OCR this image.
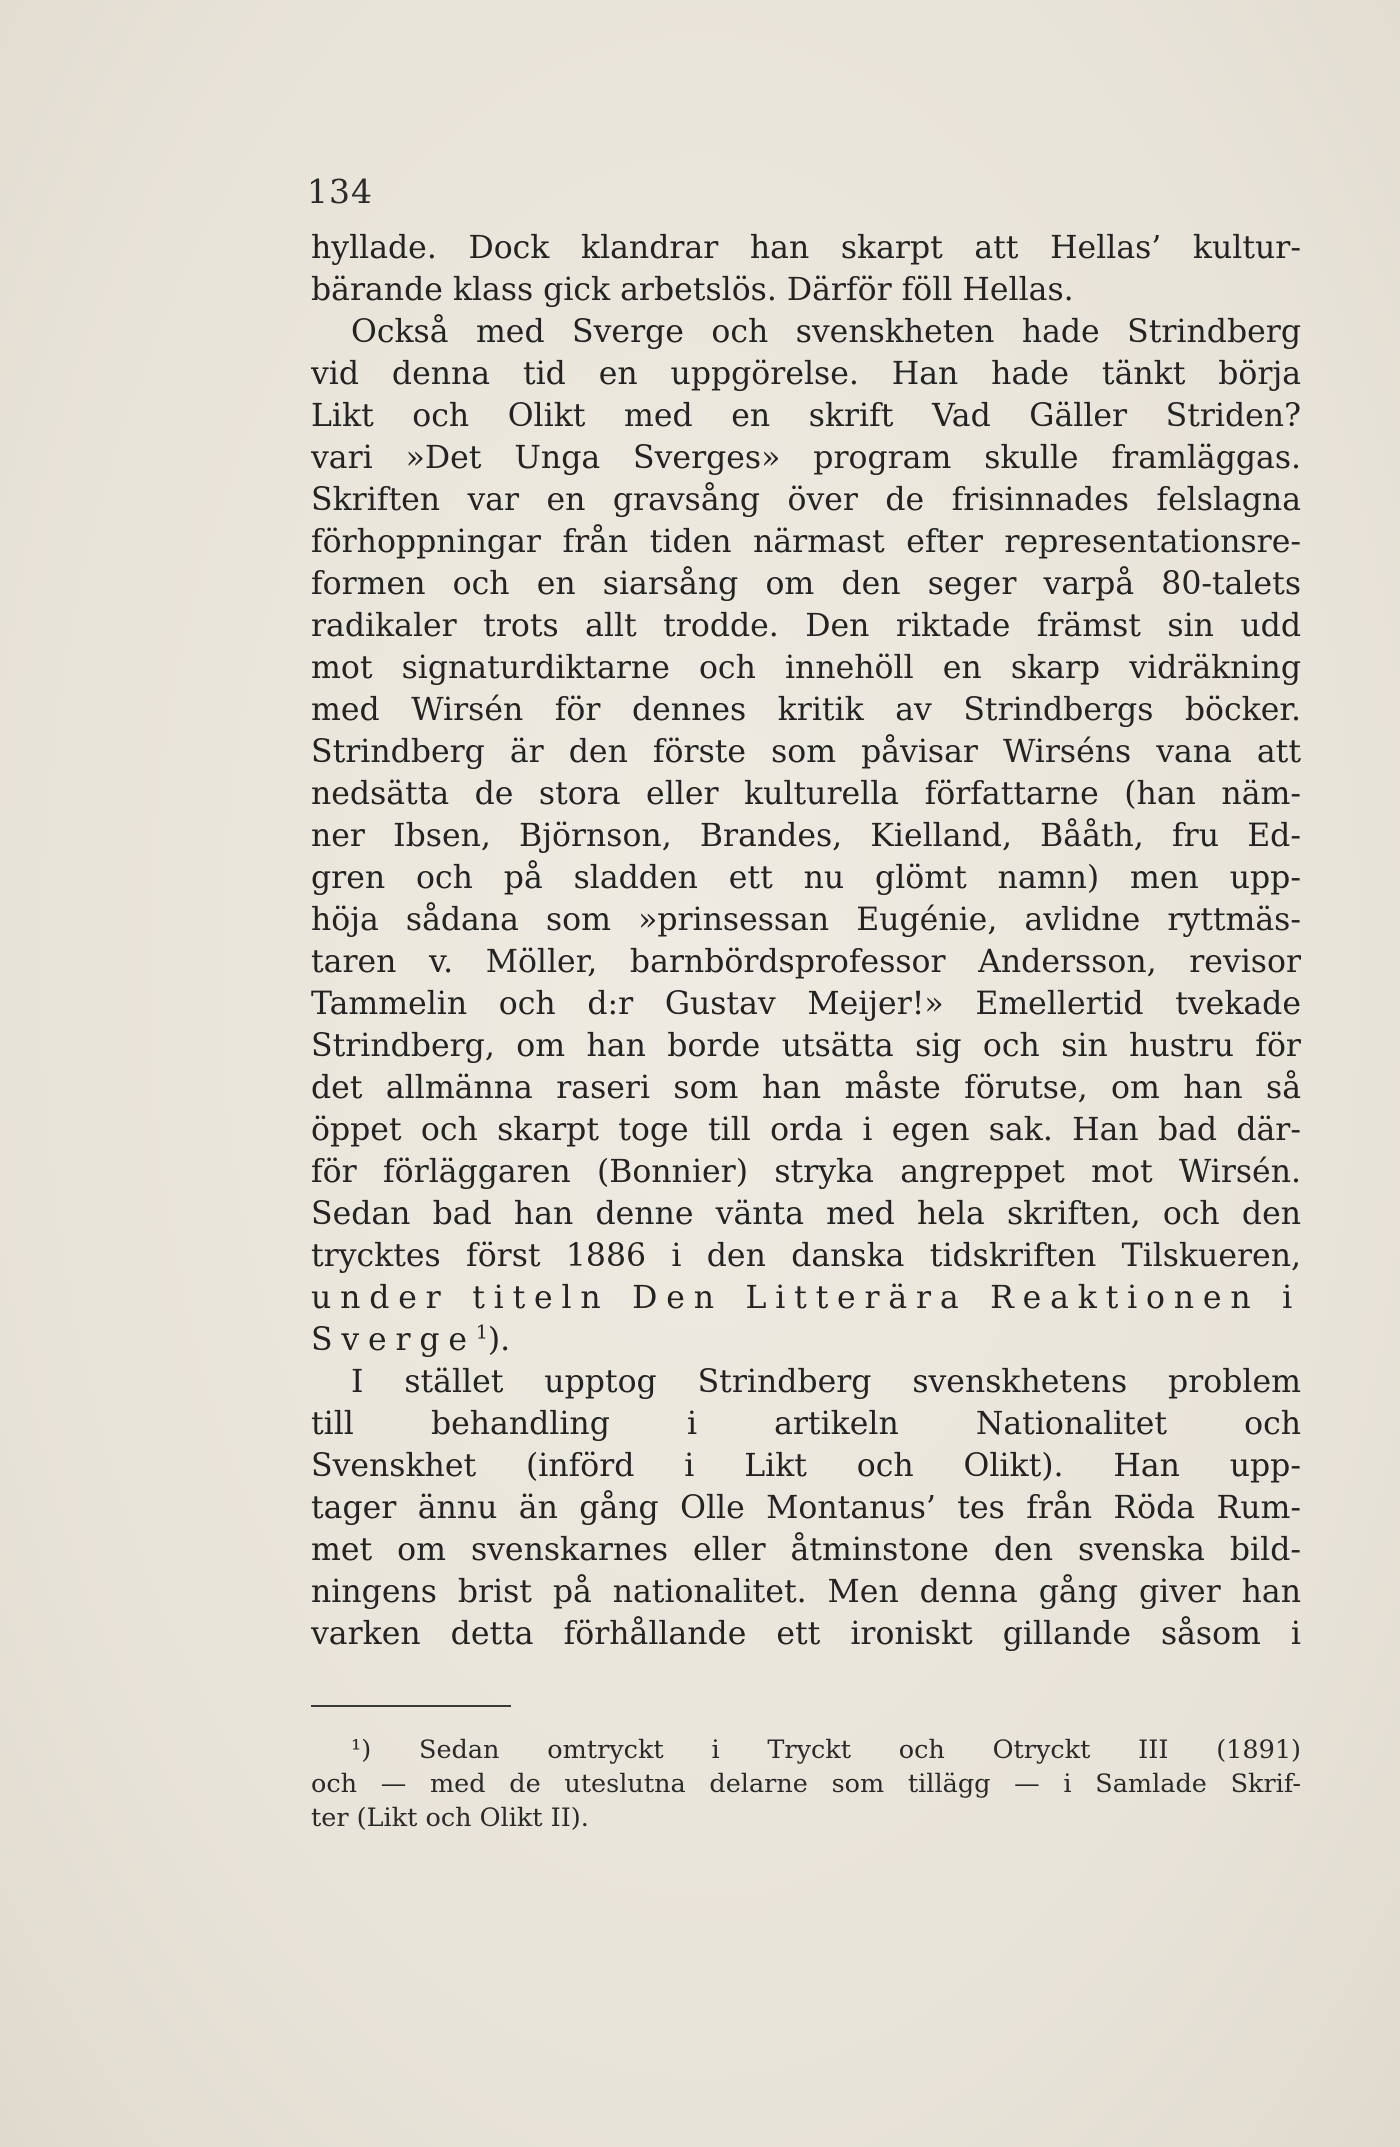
134
hyllade. Dock klandrar han skarpt att Hellas’ kultur-
bärande klass gick arbetslös. Därför föll Hellas.
Också med Sverge och svenskheten hade Strindberg
vid denna tid en uppgörelse. Han hade tänkt börja
Likt och Olikt med en skrift Vad Gäller Striden?
vari »Det Unga Sverges» program skulle framläggas.
Skriften var en gravsång över de frisinnades felslagna
förhoppningar från tiden närmast efter representationsre-
formen och en siarsång om den seger varpå 80-talets
radikaler trots allt trodde. Den riktade främst sin udd
mot signaturdiktarne och innehöll en skarp vidräkning
med Wirsén för dennes kritik av Strindbergs böcker.
Strindberg är den förste som påvisar Wirséns vana att
nedsätta de stora eller kulturella författarne (han näm-
ner Ibsen, Björnson, Brandes, Kielland, Bååth, fru Ed-
gren och på sladden ett nu glömt namn) men upp-
höja sådana som »prinsessan Eugénie, avlidne ryttmäs-
taren v. Möller, barnbördsprofessor Andersson, revisor
Tammelin och d:r Gustav Meijer!» Emellertid tvekade
Strindberg, om han borde utsätta sig och sin hustru för
det allmänna raseri som han måste förutse, om han så
öppet och skarpt toge till orda i egen sak. Han bad där-
för förläggaren (Bonnier) stryka angreppet mot Wirsén.
Sedan bad han denne vänta med hela skriften, och den
trycktes först 1886 i den danska tidskriften Tilskueren,
under titeln Den Litterära Reaktionen i
Sverge$^1$).
I stället upptog Strindberg svenskhetens problem
till behandling i artikeln Nationalitet och
Svenskhet (införd i Likt och Olikt). Han upp-
tager ännu än gång Olle Montanus’ tes från Röda Rum-
met om svenskarnes eller åtminstone den svenska bild-
ningens brist på nationalitet. Men denna gång giver han
varken detta förhållande ett ironiskt gillande såsom i
¹) Sedan omtryckt i Tryckt och Otryckt III (1891)
och — med de uteslutna delarne som tillägg — i Samlade Skrif-
ter (Likt och Olikt II).
